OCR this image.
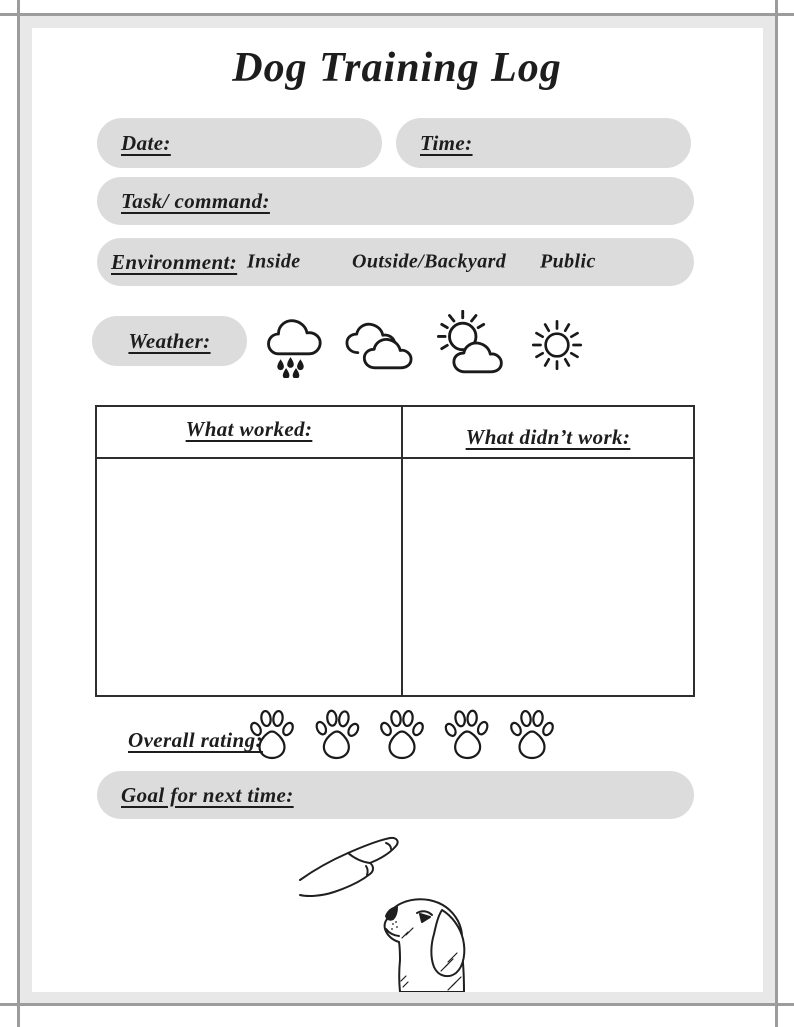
Dog Training Log
Date:	Time:
Task/ command:
Environment: Inside	Outside/Backyard Public
Weather:
What worked:	What didn’t work:
Overall rating:
Goal for next time:
